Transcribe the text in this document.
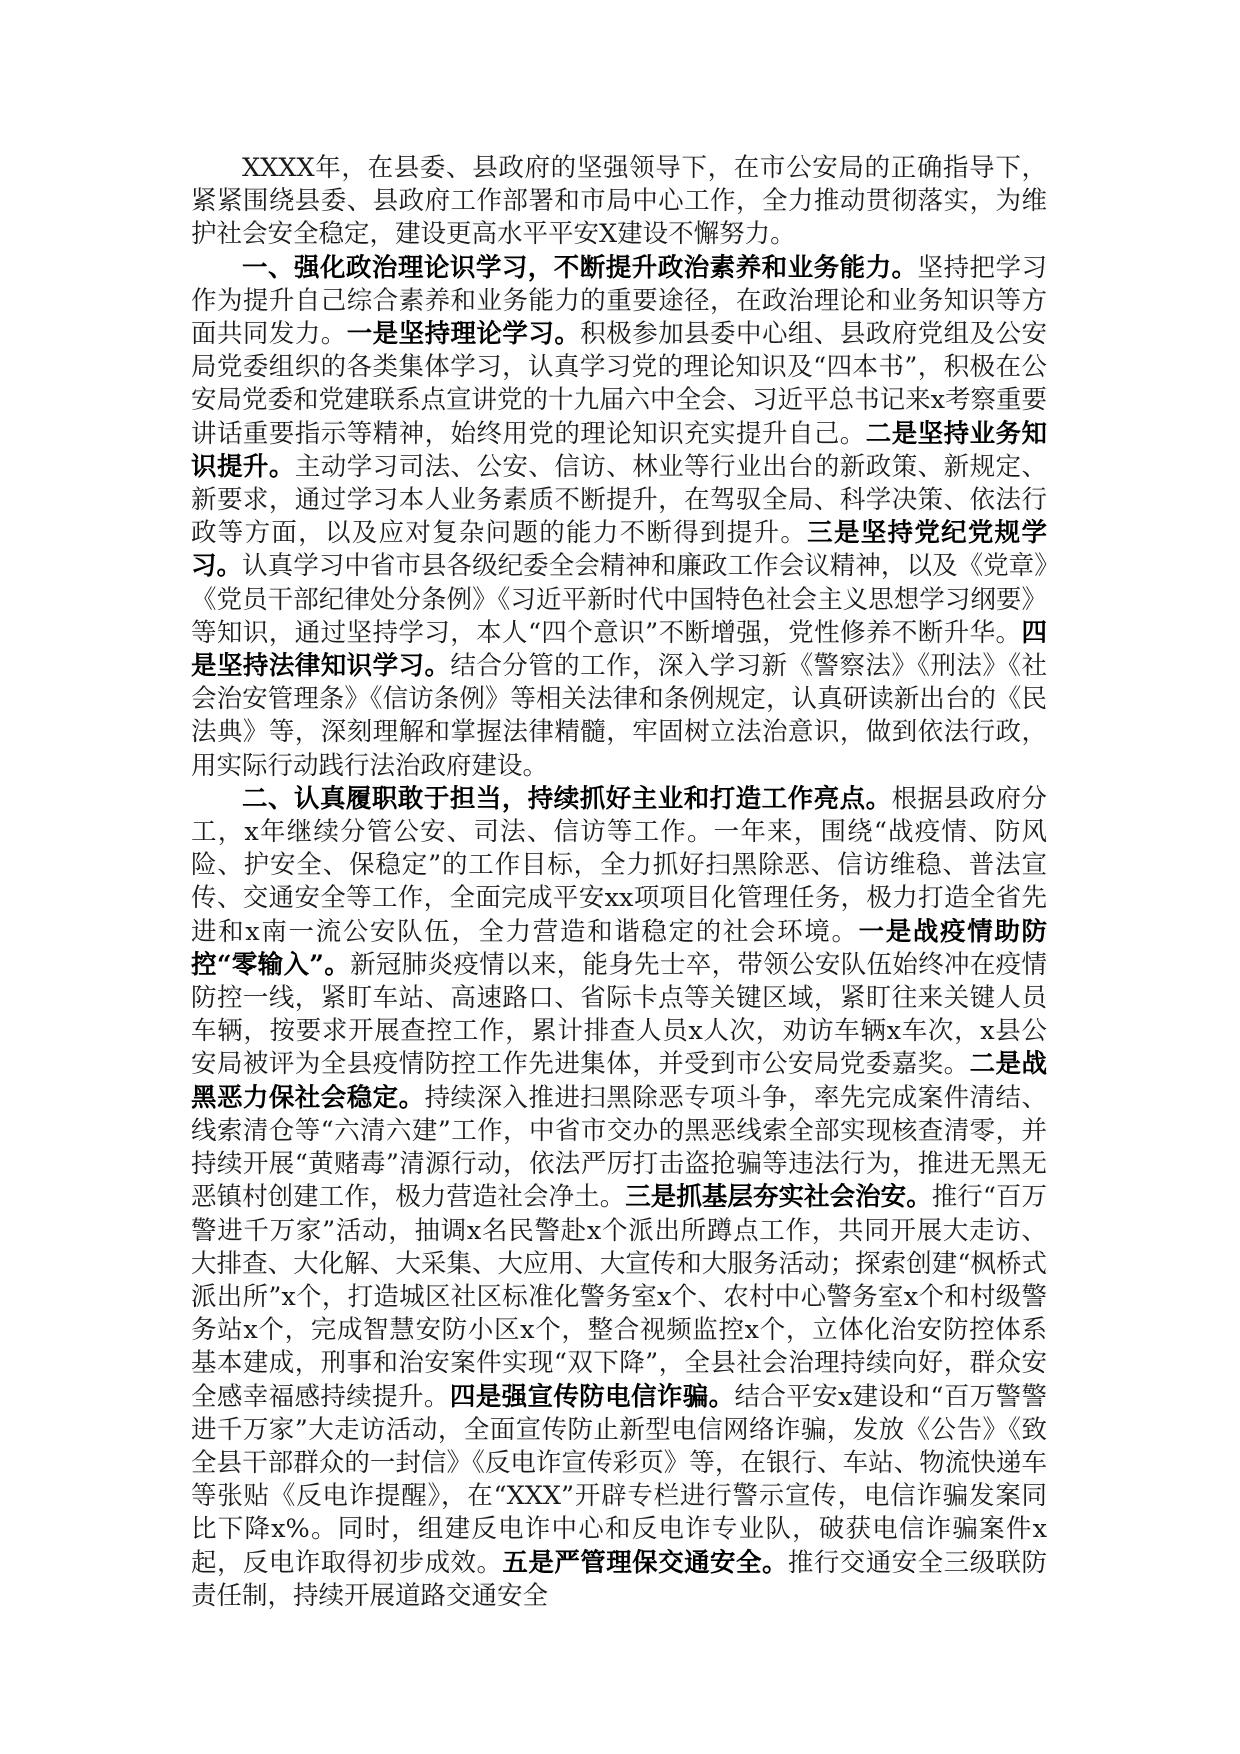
XXXX年，在县委、县政府的坚强领导下，在市公安局的正确指导下，紧紧围绕县委、县政府工作部署和市局中心工作，全力推动贯彻落实，为维护社会安全稳定，建设更高水平平安X建设不懈努力。

一、强化政治理论识学习，不断提升政治素养和业务能力。坚持把学习作为提升自己综合素养和业务能力的重要途径，在政治理论和业务知识等方面共同发力。一是坚持理论学习。积极参加县委中心组、县政府党组及公安局党委组织的各类集体学习，认真学习党的理论知识及“四本书”，积极在公安局党委和党建联系点宣讲党的十九届六中全会、习近平总书记来x考察重要讲话重要指示等精神，始终用党的理论知识充实提升自己。二是坚持业务知识提升。主动学习司法、公安、信访、林业等行业出台的新政策、新规定、新要求，通过学习本人业务素质不断提升，在驾驭全局、科学决策、依法行政等方面，以及应对复杂问题的能力不断得到提升。三是坚持党纪党规学习。认真学习中省市县各级纪委全会精神和廉政工作会议精神，以及《党章》《党员干部纪律处分条例》《习近平新时代中国特色社会主义思想学习纲要》等知识，通过坚持学习，本人“四个意识”不断增强，党性修养不断升华。四是坚持法律知识学习。结合分管的工作，深入学习新《警察法》《刑法》《社会治安管理条》《信访条例》等相关法律和条例规定，认真研读新出台的《民法典》等，深刻理解和掌握法律精髓，牢固树立法治意识，做到依法行政，用实际行动践行法治政府建设。

二、认真履职敢于担当，持续抓好主业和打造工作亮点。根据县政府分工，x年继续分管公安、司法、信访等工作。一年来，围绕“战疫情、防风险、护安全、保稳定”的工作目标，全力抓好扫黑除恶、信访维稳、普法宣传、交通安全等工作，全面完成平安xx项项目化管理任务，极力打造全省先进和x南一流公安队伍，全力营造和谐稳定的社会环境。一是战疫情助防控“零输入”。新冠肺炎疫情以来，能身先士卒，带领公安队伍始终冲在疫情防控一线，紧盯车站、高速路口、省际卡点等关键区域，紧盯往来关键人员车辆，按要求开展查控工作，累计排查人员x人次，劝访车辆x车次，x县公安局被评为全县疫情防控工作先进集体，并受到市公安局党委嘉奖。二是战黑恶力保社会稳定。持续深入推进扫黑除恶专项斗争，率先完成案件清结、线索清仓等“六清六建”工作，中省市交办的黑恶线索全部实现核查清零，并持续开展“黄赌毒”清源行动，依法严厉打击盗抢骗等违法行为，推进无黑无恶镇村创建工作，极力营造社会净土。三是抓基层夯实社会治安。推行“百万警进千万家”活动，抽调x名民警赴x个派出所蹲点工作，共同开展大走访、大排查、大化解、大采集、大应用、大宣传和大服务活动；探索创建“枫桥式派出所”x个，打造城区社区标准化警务室x个、农村中心警务室x个和村级警务站x个，完成智慧安防小区x个，整合视频监控x个，立体化治安防控体系基本建成，刑事和治安案件实现“双下降”，全县社会治理持续向好，群众安全感幸福感持续提升。四是强宣传防电信诈骗。结合平安x建设和“百万警警进千万家”大走访活动，全面宣传防止新型电信网络诈骗，发放《公告》《致全县干部群众的一封信》《反电诈宣传彩页》等，在银行、车站、物流快递车等张贴《反电诈提醒》，在“XXX”开辟专栏进行警示宣传，电信诈骗发案同比下降x%。同时，组建反电诈中心和反电诈专业队，破获电信诈骗案件x起，反电诈取得初步成效。五是严管理保交通安全。推行交通安全三级联防责任制，持续开展道路交通安全
